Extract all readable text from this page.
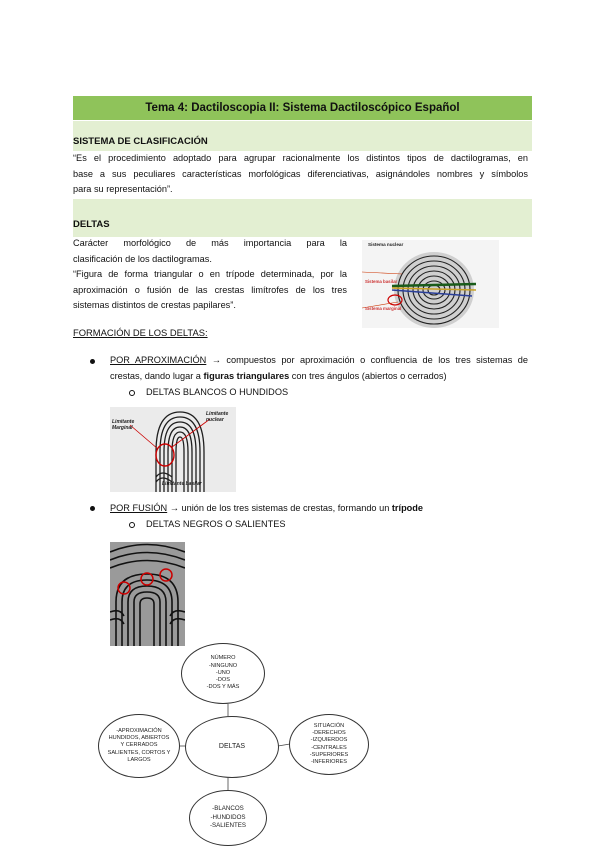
Tema 4: Dactiloscopia II: Sistema Dactiloscópico Español
SISTEMA DE CLASIFICACIÓN
“Es el procedimiento adoptado para agrupar racionalmente los distintos tipos de dactilogramas, en
base a sus peculiares características morfológicas diferenciativas, asignándoles nombres y símbolos
para su representación”.
DELTAS
Carácter morfológico de más importancia para la
clasificación de los dactilogramas.
“Figura de forma triangular o en trípode determinada, por la
aproximación o fusión de las crestas limítrofes de los tres
sistemas distintos de crestas papilares”.
Sistema nuclear
Sistema basilar
Sistema marginal
FORMACIÓN DE LOS DELTAS:
POR APROXIMACIÓN → compuestos por aproximación o confluencia de los tres sistemas de
crestas, dando lugar a figuras triangulares con tres ángulos (abiertos o cerrados)
DELTAS BLANCOS O HUNDIDOS
Limitante Marginal
Limitante nuclear
Limitante basilar
POR FUSIÓN → unión de los tres sistemas de crestas, formando un trípode
DELTAS NEGROS O SALIENTES
NÚMERO
-NINGUNO
-UNO
-DOS
-DOS Y MÁS
-APROXIMACIÓN
HUNDIDOS, ABIERTOS
Y CERRADOS
SALIENTES, CORTOS Y
LARGOS
DELTAS
SITUACIÓN
-DERECHOS
-IZQUIERDOS
-CENTRALES
-SUPERIORES
-INFERIORES
-BLANCOS
-HUNDIDOS
-SALIENTES
